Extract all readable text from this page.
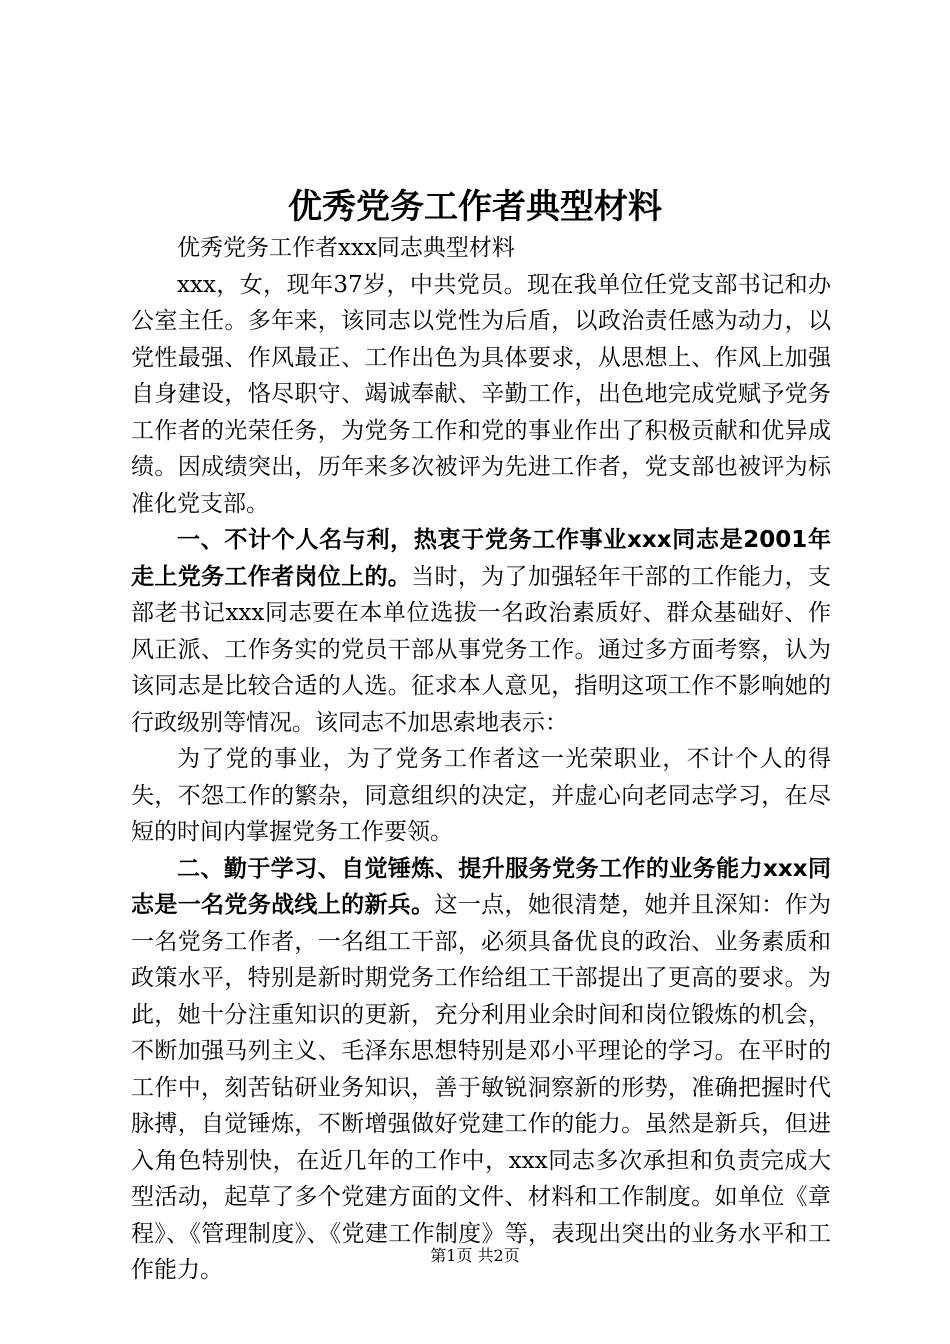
优秀党务工作者典型材料

优秀党务工作者xxx同志典型材料

xxx，女，现年37岁，中共党员。现在我单位任党支部书记和办公室主任。多年来，该同志以党性为后盾，以政治责任感为动力，以党性最强、作风最正、工作出色为具体要求，从思想上、作风上加强自身建设，恪尽职守、竭诚奉献、辛勤工作，出色地完成党赋予党务工作者的光荣任务，为党务工作和党的事业作出了积极贡献和优异成绩。因成绩突出，历年来多次被评为先进工作者，党支部也被评为标准化党支部。

一、不计个人名与利，热衷于党务工作事业xxx同志是2001年走上党务工作者岗位上的。当时，为了加强轻年干部的工作能力，支部老书记xxx同志要在本单位选拔一名政治素质好、群众基础好、作风正派、工作务实的党员干部从事党务工作。通过多方面考察，认为该同志是比较合适的人选。征求本人意见，指明这项工作不影响她的行政级别等情况。该同志不加思索地表示：

为了党的事业，为了党务工作者这一光荣职业，不计个人的得失，不怨工作的繁杂，同意组织的决定，并虚心向老同志学习，在尽短的时间内掌握党务工作要领。

二、勤于学习、自觉锤炼、提升服务党务工作的业务能力xxx同志是一名党务战线上的新兵。这一点，她很清楚，她并且深知：作为一名党务工作者，一名组工干部，必须具备优良的政治、业务素质和政策水平，特别是新时期党务工作给组工干部提出了更高的要求。为此，她十分注重知识的更新，充分利用业余时间和岗位锻炼的机会，不断加强马列主义、毛泽东思想特别是邓小平理论的学习。在平时的工作中，刻苦钻研业务知识，善于敏锐洞察新的形势，准确把握时代脉搏，自觉锤炼，不断增强做好党建工作的能力。虽然是新兵，但进入角色特别快，在近几年的工作中，xxx同志多次承担和负责完成大型活动，起草了多个党建方面的文件、材料和工作制度。如单位《章程》、《管理制度》、《党建工作制度》等，表现出突出的业务水平和工作能力。

第1页 共2页
